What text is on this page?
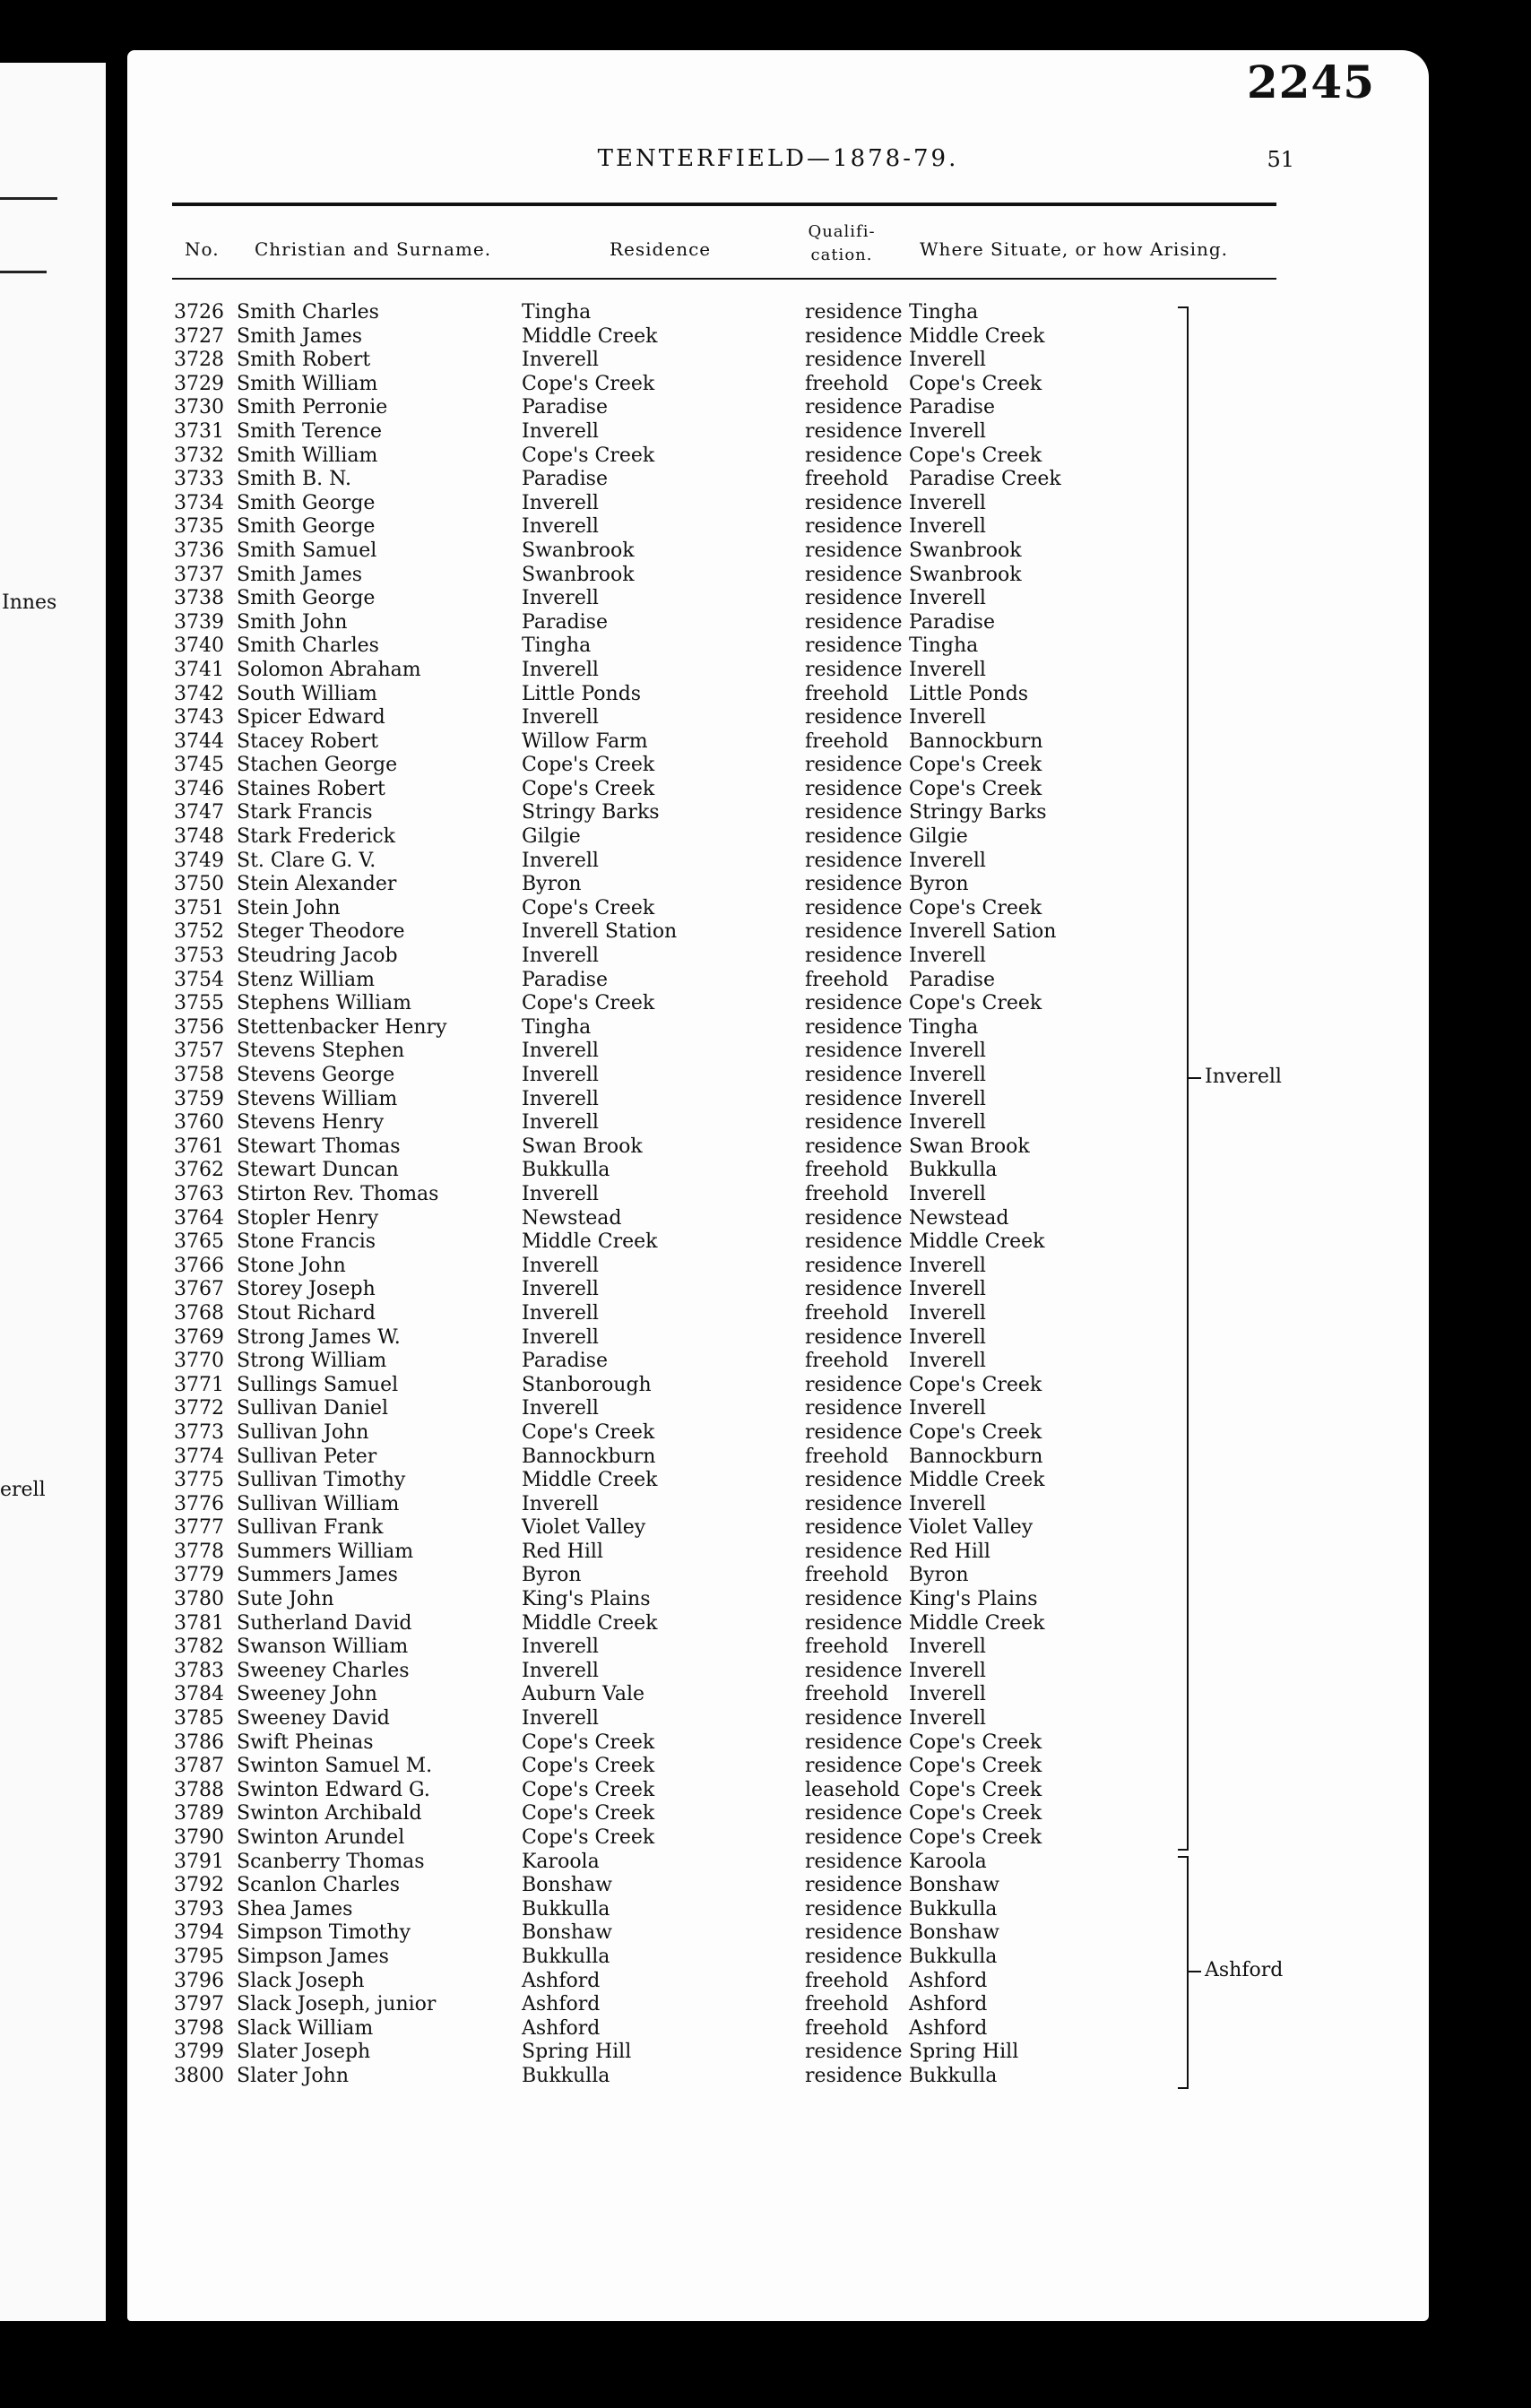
Innes
erell
2245
TENTERFIELD—1878-79.	51
No. Christian and Surname.	Residence
Qualifi-cation.	Where Situate, or how Arising.
3726 Smith Charles	Tingha	residence Tingha
3727 Smith James	Middle Creek	residence Middle Creek
3728 Smith Robert	Inverell	residence Inverell
3729 Smith William	Cope's Creek	freehold Cope's Creek
3730 Smith Perronie	Paradise	residence Paradise
3731 Smith Terence	Inverell	residence Inverell
3732 Smith William	Cope's Creek	residence Cope's Creek
3733 Smith B. N.	Paradise	freehold Paradise Creek
3734 Smith George	Inverell	residence Inverell
3735 Smith George	Inverell	residence Inverell
3736 Smith Samuel	Swanbrook	residence Swanbrook
3737 Smith James	Swanbrook	residence Swanbrook
3738 Smith George	Inverell	residence Inverell
3739 Smith John	Paradise	residence Paradise
3740 Smith Charles	Tingha	residence Tingha
3741 Solomon Abraham	Inverell	residence Inverell
3742 South William	Little Ponds	freehold Little Ponds
3743 Spicer Edward	Inverell	residence Inverell
3744 Stacey Robert	Willow Farm	freehold Bannockburn
3745 Stachen George	Cope's Creek	residence Cope's Creek
3746 Staines Robert	Cope's Creek	residence Cope's Creek
3747 Stark Francis	Stringy Barks	residence Stringy Barks
3748 Stark Frederick	Gilgie	residence Gilgie
3749 St. Clare G. V.	Inverell	residence Inverell
3750 Stein Alexander	Byron	residence Byron
3751 Stein John	Cope's Creek	residence Cope's Creek
3752 Steger Theodore	Inverell Station	residence Inverell Sation
3753 Steudring Jacob	Inverell	residence Inverell
3754 Stenz William	Paradise	freehold Paradise
3755 Stephens William	Cope's Creek	residence Cope's Creek
3756 Stettenbacker Henry	Tingha	residence Tingha
3757 Stevens Stephen	Inverell	residence Inverell
3758 Stevens George	Inverell	residence Inverell
3759 Stevens William	Inverell	residence Inverell
3760 Stevens Henry	Inverell	residence Inverell
3761 Stewart Thomas	Swan Brook	residence Swan Brook
3762 Stewart Duncan	Bukkulla	freehold Bukkulla
3763 Stirton Rev. Thomas	Inverell	freehold Inverell
3764 Stopler Henry	Newstead	residence Newstead
3765 Stone Francis	Middle Creek	residence Middle Creek
3766 Stone John	Inverell	residence Inverell
3767 Storey Joseph	Inverell	residence Inverell
3768 Stout Richard	Inverell	freehold Inverell
3769 Strong James W.	Inverell	residence Inverell
3770 Strong William	Paradise	freehold Inverell
3771 Sullings Samuel	Stanborough	residence Cope's Creek
3772 Sullivan Daniel	Inverell	residence Inverell
3773 Sullivan John	Cope's Creek	residence Cope's Creek
3774 Sullivan Peter	Bannockburn	freehold Bannockburn
3775 Sullivan Timothy	Middle Creek	residence Middle Creek
3776 Sullivan William	Inverell	residence Inverell
3777 Sullivan Frank	Violet Valley	residence Violet Valley
3778 Summers William	Red Hill	residence Red Hill
3779 Summers James	Byron	freehold Byron
3780 Sute John	King's Plains	residence King's Plains
3781 Sutherland David	Middle Creek	residence Middle Creek
3782 Swanson William	Inverell	freehold Inverell
3783 Sweeney Charles	Inverell	residence Inverell
3784 Sweeney John	Auburn Vale	freehold Inverell
3785 Sweeney David	Inverell	residence Inverell
3786 Swift Pheinas	Cope's Creek	residence Cope's Creek
3787 Swinton Samuel M.	Cope's Creek	residence Cope's Creek
3788 Swinton Edward G.	Cope's Creek	leasehold Cope's Creek
3789 Swinton Archibald	Cope's Creek	residence Cope's Creek
3790 Swinton Arundel	Cope's Creek	residence Cope's Creek
3791 Scanberry Thomas	Karoola	residence Karoola
3792 Scanlon Charles	Bonshaw	residence Bonshaw
3793 Shea James	Bukkulla	residence Bukkulla
3794 Simpson Timothy	Bonshaw	residence Bonshaw
3795 Simpson James	Bukkulla	residence Bukkulla
3796 Slack Joseph	Ashford	freehold Ashford
3797 Slack Joseph, junior	Ashford	freehold Ashford
3798 Slack William	Ashford	freehold Ashford
3799 Slater Joseph	Spring Hill	residence Spring Hill
3800 Slater John	Bukkulla	residence Bukkulla
Inverell
Ashford
